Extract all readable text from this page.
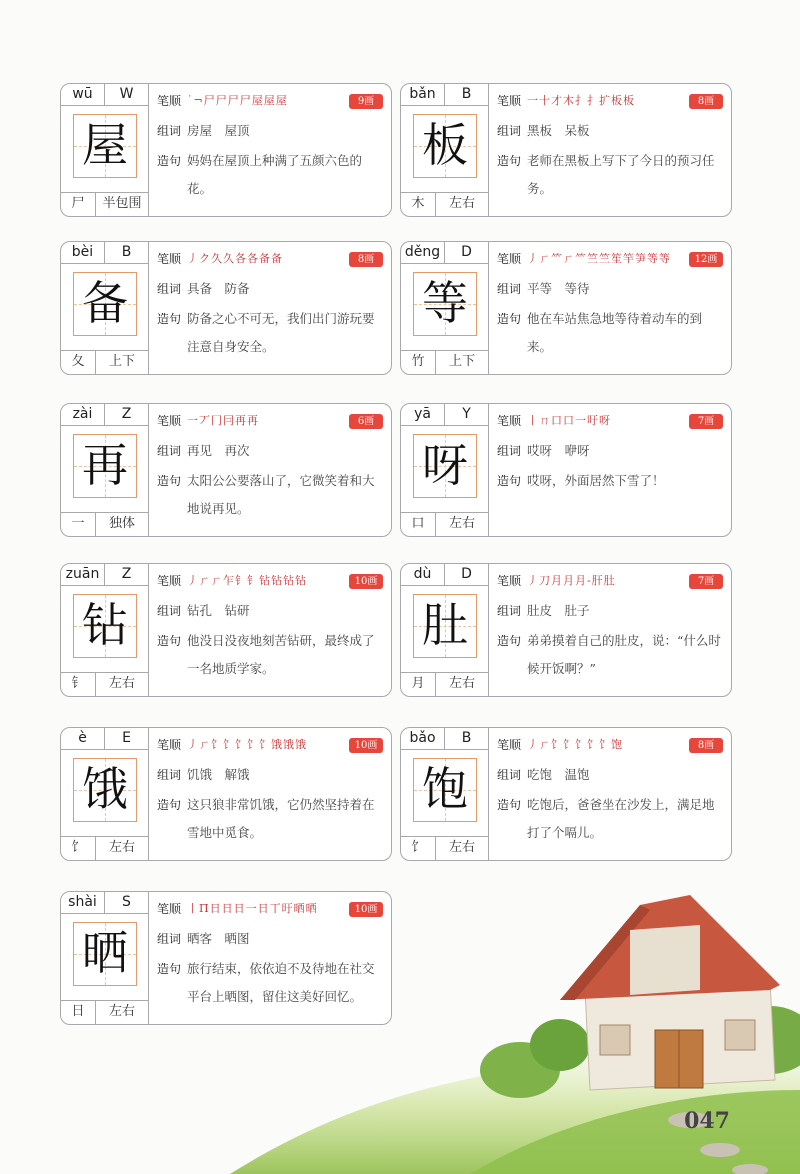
wū	W
屋
尸	半包围
笔顺 ˙¬尸尸尸尸屋屋屋	9画
组词 房屋　屋顶
造句 妈妈在屋顶上种满了五颜六色的花。
bǎn	B
板
木	左右
笔顺 一十才木扌扌扩板板	8画
组词 黑板　呆板
造句 老师在黑板上写下了今日的预习任务。
bèi	B
备
夂	上下
笔顺 丿ク久久各各备备	8画
组词 具备　防备
造句 防备之心不可无，我们出门游玩要注意自身安全。
děng	D
等
竹	上下
笔顺 丿ㄏ⺮ㄏ⺮竺竺笙竿笋等等	12画
组词 平等　等待
造句 他在车站焦急地等待着动车的到来。
zài	Z
再
一	独体
笔顺 一丆冂冃再再	6画
组词 再见　再次
造句 太阳公公要落山了，它微笑着和大地说再见。
yā	Y
呀
口	左右
笔顺 丨ㄇ口口一吁呀	7画
组词 哎呀　咿呀
造句 哎呀，外面居然下雪了！
zuān	Z
钻
钅	左右
笔顺 丿ㄏㄏ乍钅钅钻钻钻钻	10画
组词 钻孔　钻研
造句 他没日没夜地刻苦钻研，最终成了一名地质学家。
dù	D
肚
月	左右
笔顺 丿刀月月月‐肝肚	7画
组词 肚皮　肚子
造句 弟弟摸着自己的肚皮，说：“什么时候开饭啊？”
è	E
饿
饣	左右
笔顺 丿ㄏ饣饣饣饣饣饿饿饿	10画
组词 饥饿　解饿
造句 这只狼非常饥饿，它仍然坚持着在雪地中觅食。
bǎo	B
饱
饣	左右
笔顺 丿ㄏ饣饣饣饣饣饱	8画
组词 吃饱　温饱
造句 吃饱后，爸爸坐在沙发上，满足地打了个嗝儿。
shài	S
晒
日	左右
笔顺 丨П日日日一日丅旴晒晒	10画
组词 晒客　晒图
造句 旅行结束，依依迫不及待地在社交平台上晒图，留住这美好回忆。
047
